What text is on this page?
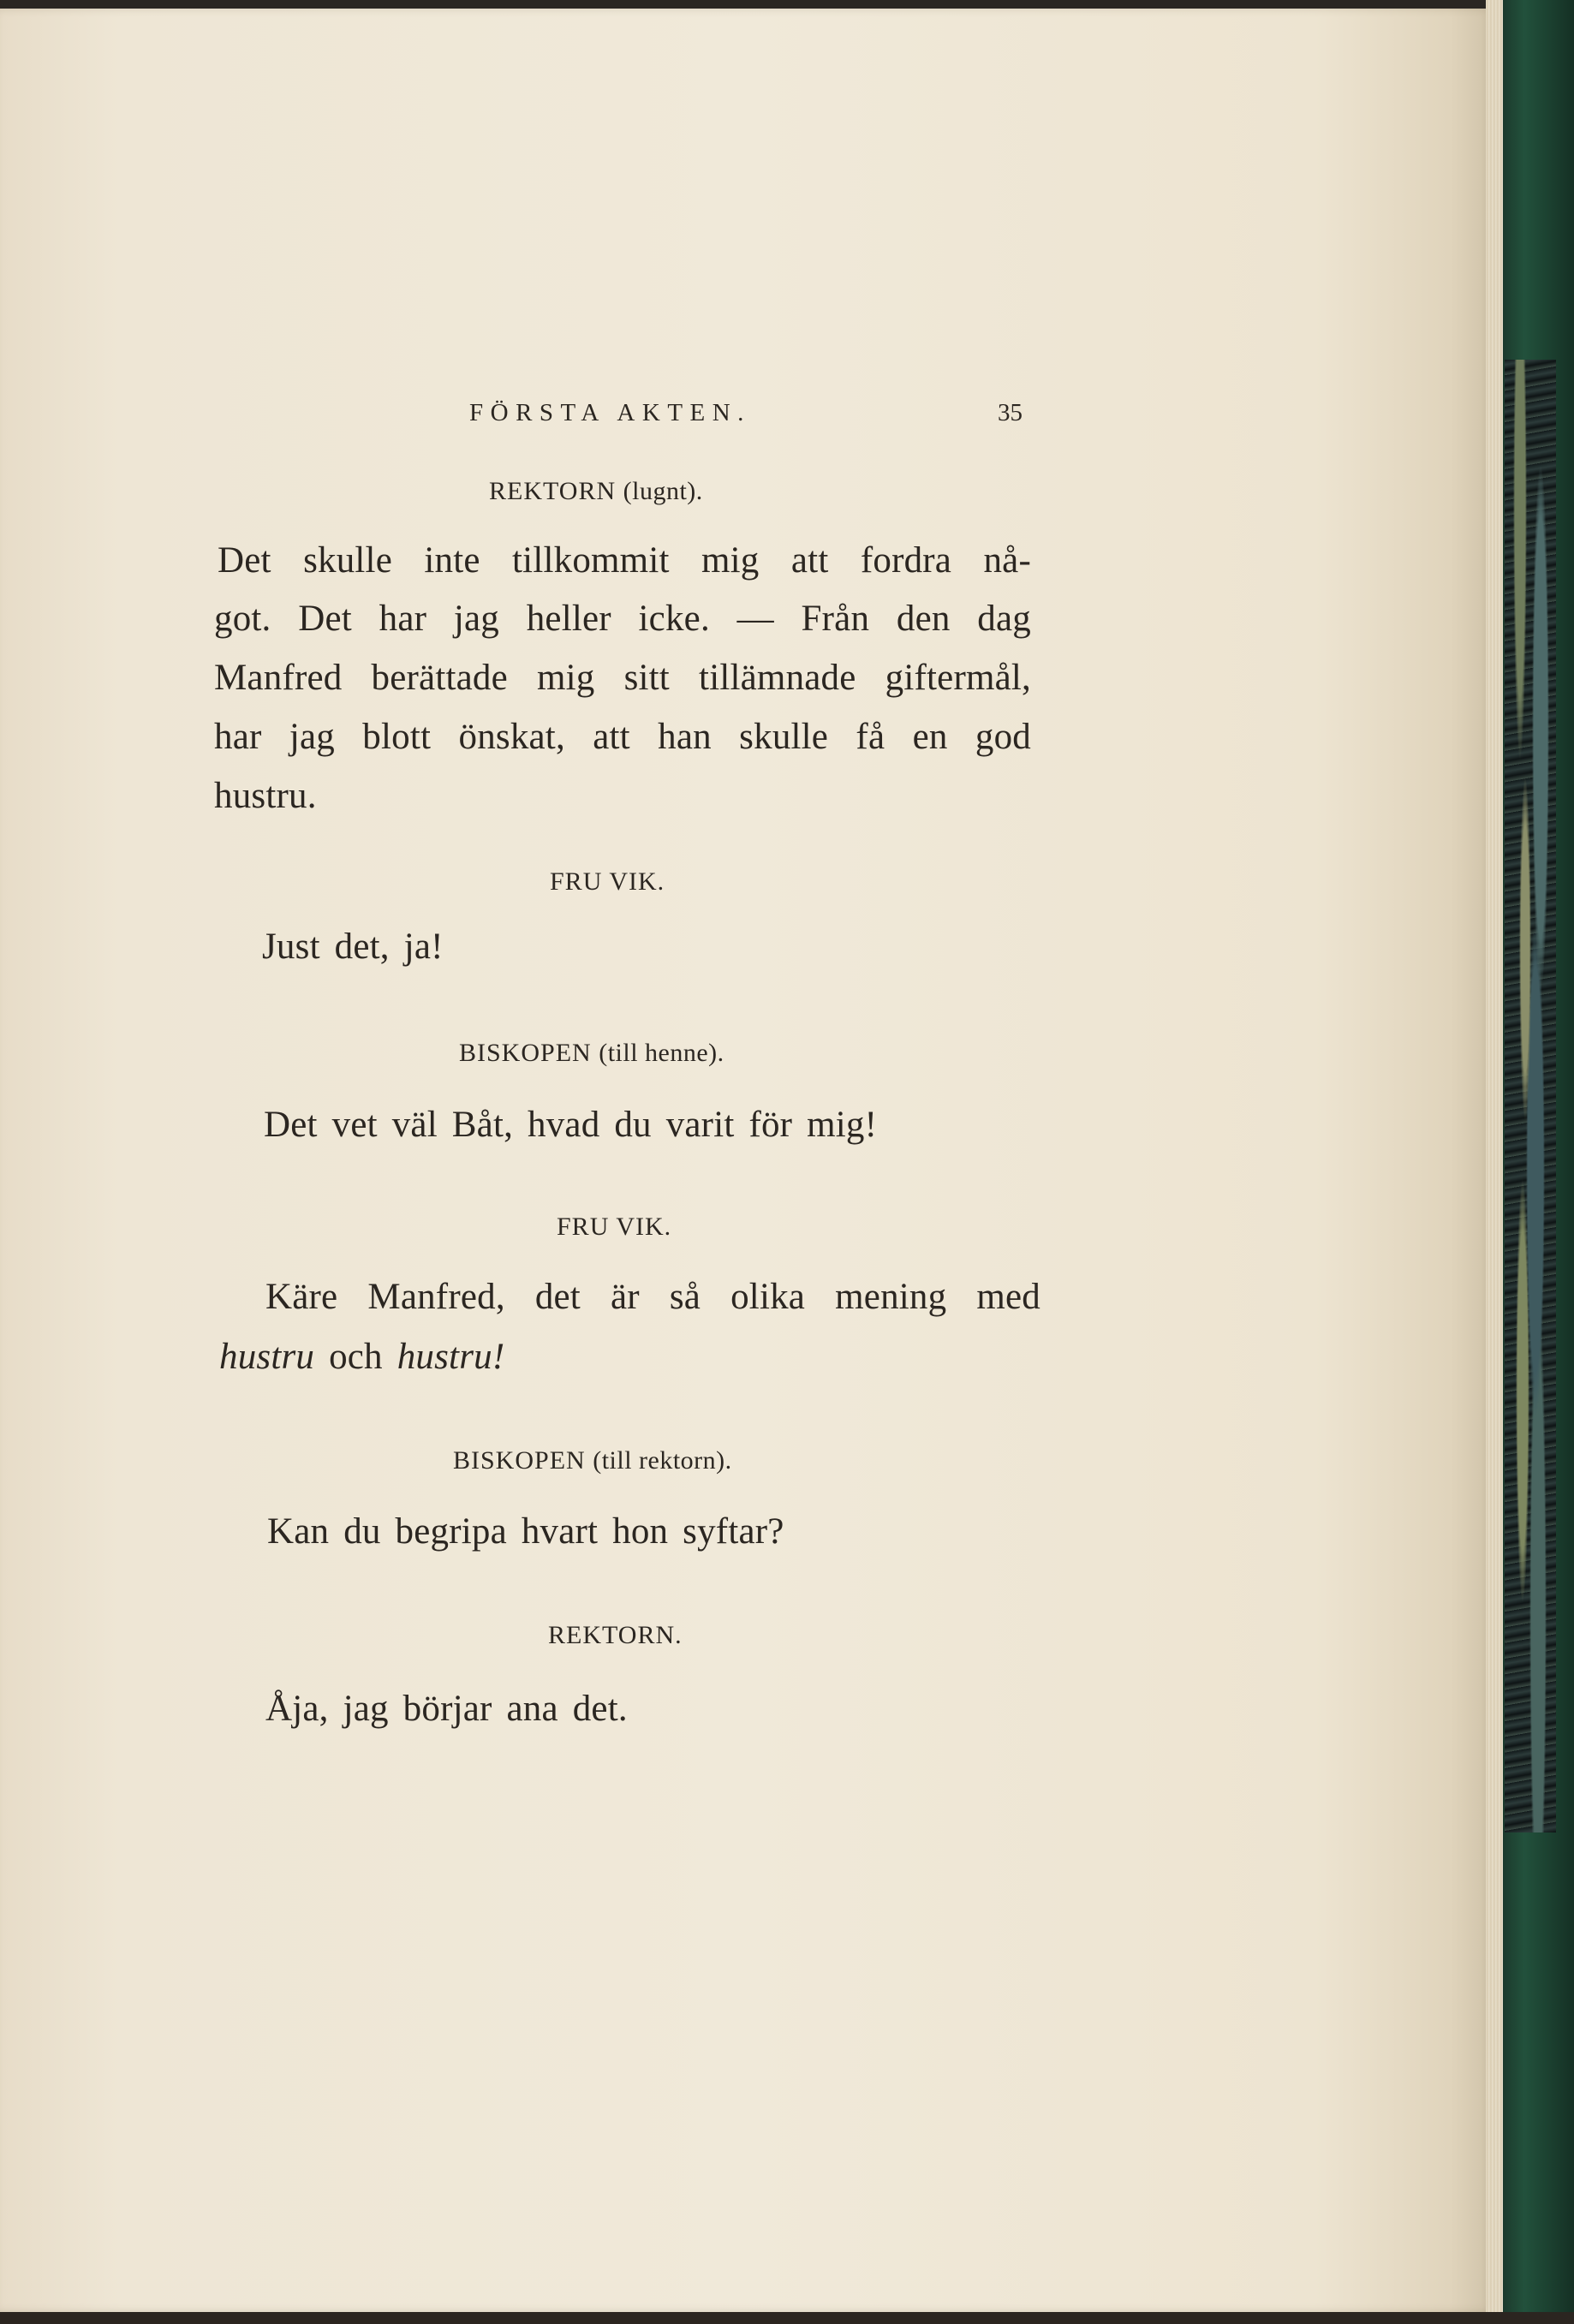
FÖRSTA AKTEN.	35
REKTORN (lugnt).
Det skulle inte tillkommit mig att fordra nå-
got. Det har jag heller icke. — Från den dag
Manfred berättade mig sitt tillämnade giftermål,
har jag blott önskat, att han skulle få en god
hustru.
FRU VIK.
Just det, ja!
BISKOPEN (till henne).
Det vet väl Båt, hvad du varit för mig!
FRU VIK.
Käre Manfred, det är så olika mening med
hustru och hustru!
BISKOPEN (till rektorn).
Kan du begripa hvart hon syftar?
REKTORN.
Åja, jag börjar ana det.
